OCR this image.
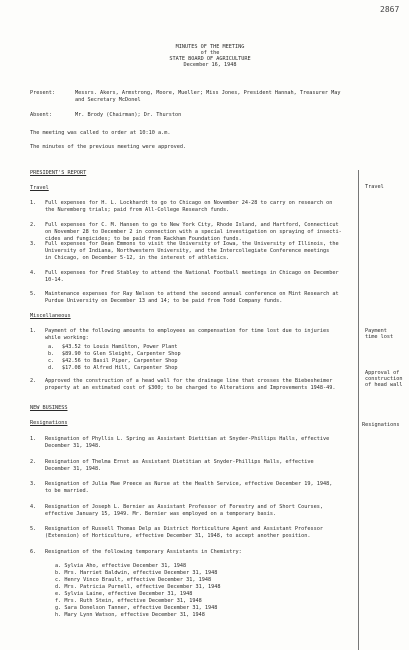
2867
MINUTES OF THE MEETING
of the
STATE BOARD OF AGRICULTURE
December 16, 1948
Present:	Messrs. Akers, Armstrong, Moore, Mueller; Miss Jones, President Hannah, Treasurer May
and Secretary McDonel
Absent:	Mr. Brody (Chairman); Dr. Thurston
The meeting was called to order at 10:10 a.m.
The minutes of the previous meeting were approved.
PRESIDENT'S REPORT
Travel	Travel
1. Full expenses for H. L. Lockhardt to go to Chicago on November 24-28 to carry on research on
the Nuremberg trials; paid from All-College Research funds.
2. Full expenses for C. M. Hansen to go to New York City, Rhode Island, and Hartford, Connecticut
on November 28 to December 2 in connection with a special investigation on spraying of insecti-
cides and fungicides; to be paid from Rackham Foundation funds.
3. Full expenses for Dean Emmons to visit the University of Iowa, the University of Illinois, the
University of Indiana, Northwestern University, and the Intercollegiate Conference meetings
in Chicago, on December 5-12, in the interest of athletics.
4. Full expenses for Fred Stabley to attend the National Football meetings in Chicago on December
10-14.
5. Maintenance expenses for Ray Nelson to attend the second annual conference on Mint Research at
Purdue University on December 13 and 14; to be paid from Todd Company funds.
Miscellaneous
Payment
time lost
1. Payment of the following amounts to employees as compensation for time lost due to injuries
while working:
a. $43.52 to Louis Hamilton, Power Plant
b. $89.90 to Glen Sleight, Carpenter Shop
c. $42.56 to Basil Piper, Carpenter Shop
d. $17.08 to Alfred Hill, Carpenter Shop
Approval of
construction
of head wall
2. Approved the construction of a head wall for the drainage line that crosses the Biebesheimer
property at an estimated cost of $300; to be charged to Alterations and Improvements 1948-49.
NEW BUSINESS
Resignations	Resignations
1. Resignation of Phyllis L. Spring as Assistant Dietitian at Snyder-Phillips Halls, effective
December 31, 1948.
2. Resignation of Thelma Ernst as Assistant Dietitian at Snyder-Phillips Halls, effective
December 31, 1948.
3. Resignation of Julia Mae Preece as Nurse at the Health Service, effective December 19, 1948,
to be married.
4. Resignation of Joseph L. Bernier as Assistant Professor of Forestry and of Short Courses,
effective January 15, 1949. Mr. Bernier was employed on a temporary basis.
5. Resignation of Russell Thomas Delp as District Horticulture Agent and Assistant Professor
(Extension) of Horticulture, effective December 31, 1948, to accept another position.
6. Resignation of the following temporary Assistants in Chemistry:
a. Sylvia Aho, effective December 31, 1948
b. Mrs. Harriet Baldwin, effective December 31, 1948
c. Henry Vinco Brault, effective December 31, 1948
d. Mrs. Patricia Purnell, effective December 31, 1948
e. Sylvia Laine, effective December 31, 1948
f. Mrs. Ruth Stein, effective December 31, 1948
g. Sara Donelson Tanner, effective December 31, 1948
h. Mary Lynn Watson, effective December 31, 1948
